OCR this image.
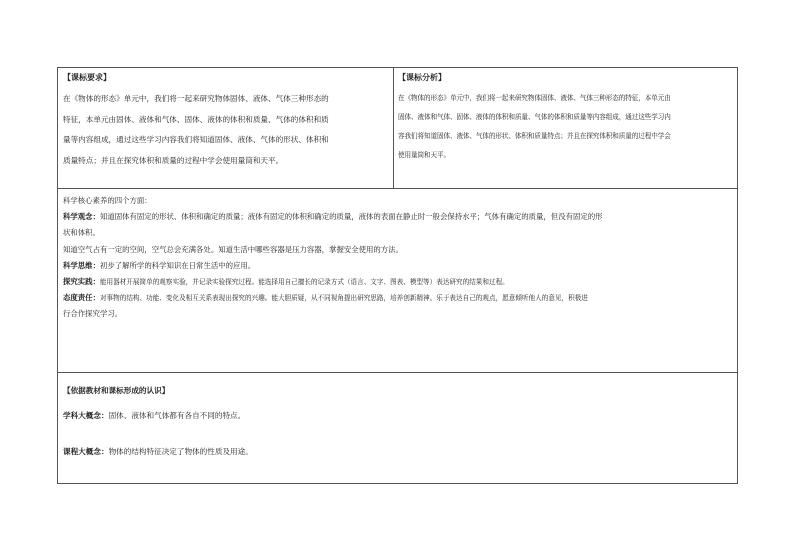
【课标要求】

在《物体的形态》单元中，我们将一起来研究物体固体、液体、气体三种形态的

特征，本单元由固体、液体和气体、固体、液体的体积和质量、气体的体积和质

量等内容组成，通过这些学习内容我们将知道固体、液体、气体的形状、体积和

质量特点；并且在探究体积和质量的过程中学会使用量筒和天平。

【课标分析】

在《物体的形态》单元中，我们将一起来研究物体固体、液体、气体三种形态的特征，本单元由

固体、液体和气体、固体、液体的体积和质量、气体的体积和质量等内容组成，通过这些学习内

容我们将知道固体、液体、气体的形状、体积和质量特点；并且在探究体积和质量的过程中学会

使用量筒和天平。

科学核心素养的四个方面：

科学观念：知道固体有固定的形状、体积和确定的质量；液体有固定的体积和确定的质量，液体的表面在静止时一般会保持水平；气体有确定的质量，但没有固定的形

状和体积。

知道空气占有一定的空间，空气总会充满各处。知道生活中哪些容器是压力容器，掌握安全使用的方法。

科学思维：初步了解所学的科学知识在日常生活中的应用。

探究实践：能用器材开展简单的观察实验，并记录实验探究过程。能选择用自己擅长的记录方式（语言、文字、图表、模型等）表达研究的结果和过程。

态度责任：对事物的结构、功能、变化及相互关系表现出探究的兴趣。能大胆质疑，从不同视角提出研究思路，培养创新精神。乐于表达自己的观点，愿意倾听他人的意见，积极进

行合作探究学习。

【依据教材和课标形成的认识】

学科大概念：固体、液体和气体都有各自不同的特点。

课程大概念：物体的结构特征决定了物体的性质及用途。
